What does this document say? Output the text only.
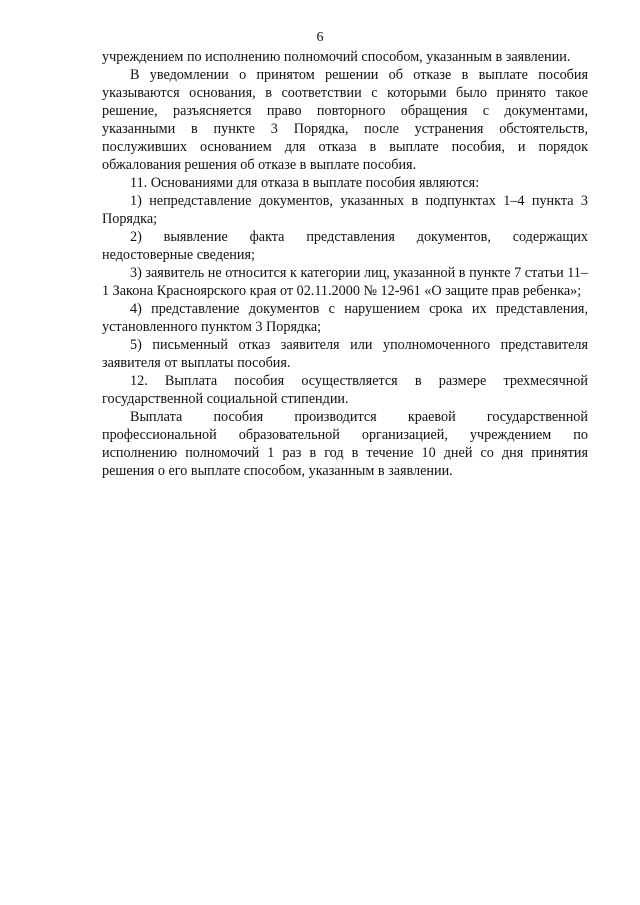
6

учреждением по исполнению полномочий способом, указанным в заявлении.

В уведомлении о принятом решении об отказе в выплате пособия указываются основания, в соответствии с которыми было принято такое решение, разъясняется право повторного обращения с документами, указанными в пункте 3 Порядка, после устранения обстоятельств, послуживших основанием для отказа в выплате пособия, и порядок обжалования решения об отказе в выплате пособия.

11. Основаниями для отказа в выплате пособия являются:

1) непредставление документов, указанных в подпунктах 1–4 пункта 3 Порядка;

2) выявление факта представления документов, содержащих недостоверные сведения;

3) заявитель не относится к категории лиц, указанной в пункте 7 статьи 11–1 Закона Красноярского края от 02.11.2000 № 12-961 «О защите прав ребенка»;

4) представление документов с нарушением срока их представления, установленного пунктом 3 Порядка;

5) письменный отказ заявителя или уполномоченного представителя заявителя от выплаты пособия.

12. Выплата пособия осуществляется в размере трехмесячной государственной социальной стипендии.

Выплата пособия производится краевой государственной профессиональной образовательной организацией, учреждением по исполнению полномочий 1 раз в год в течение 10 дней со дня принятия решения о его выплате способом, указанным в заявлении.
